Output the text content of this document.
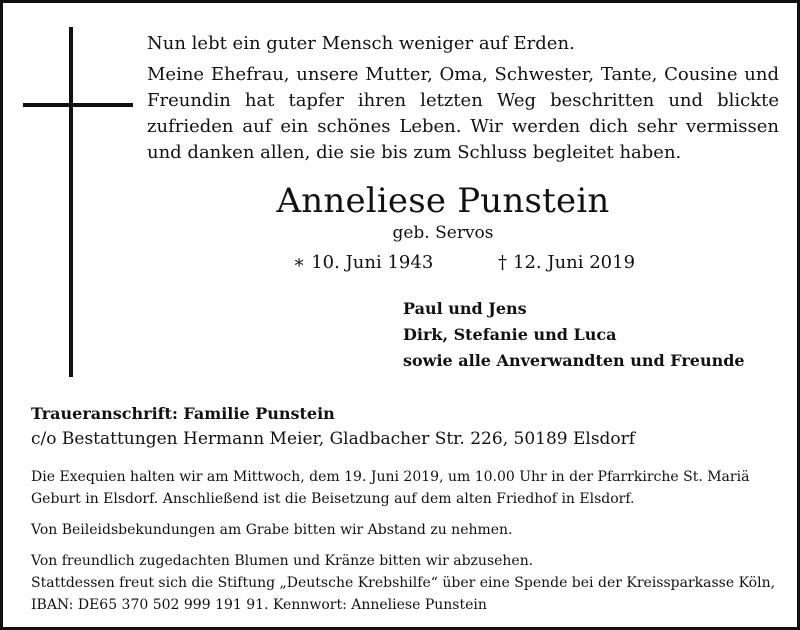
Nun lebt ein guter Mensch weniger auf Erden.

Meine Ehefrau, unsere Mutter, Oma, Schwester, Tante, Cousine und Freundin hat tapfer ihren letzten Weg beschritten und blickte zufrieden auf ein schönes Leben. Wir werden dich sehr vermissen und danken allen, die sie bis zum Schluss begleitet haben.

Anneliese Punstein
geb. Servos
∗ 10. Juni 1943	† 12. Juni 2019
Paul und Jens
Dirk, Stefanie und Luca
sowie alle Anverwandten und Freunde
Traueranschrift: Familie Punstein
c/o Bestattungen Hermann Meier, Gladbacher Str. 226, 50189 Elsdorf

Die Exequien halten wir am Mittwoch, dem 19. Juni 2019, um 10.00 Uhr in der Pfarrkirche St. Mariä

Geburt in Elsdorf. Anschließend ist die Beisetzung auf dem alten Friedhof in Elsdorf.

Von Beileidsbekundungen am Grabe bitten wir Abstand zu nehmen.

Von freundlich zugedachten Blumen und Kränze bitten wir abzusehen.

Stattdessen freut sich die Stiftung „Deutsche Krebshilfe“ über eine Spende bei der Kreissparkasse Köln,

IBAN: DE65 370 502 999 191 91. Kennwort: Anneliese Punstein
